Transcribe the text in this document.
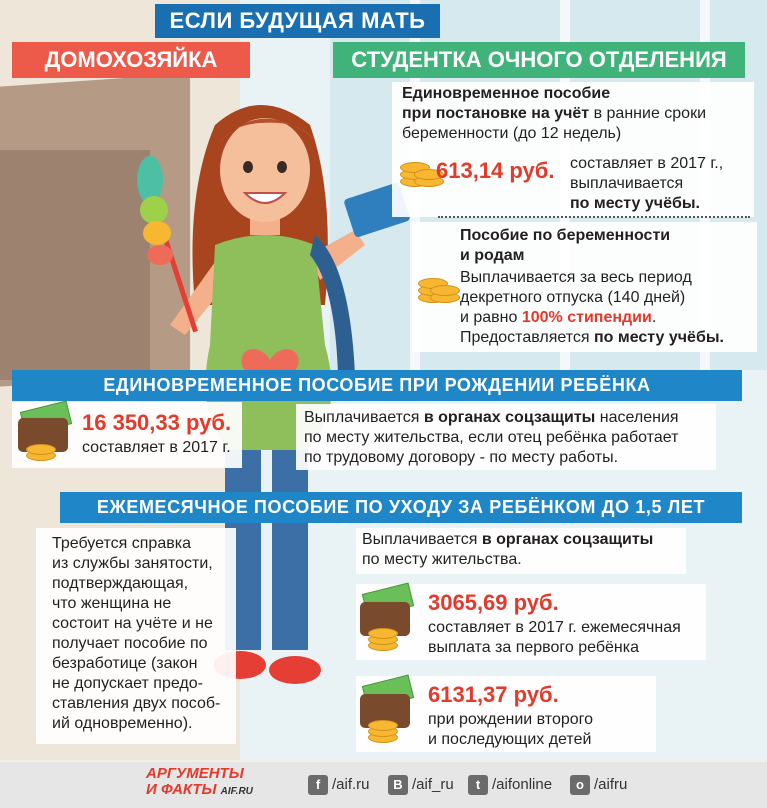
ЕСЛИ БУДУЩАЯ МАТЬ
ДОМОХОЗЯЙКА	СТУДЕНТКА ОЧНОГО ОТДЕЛЕНИЯ
Единовременное пособие
при постановке на учёт в ранние сроки
беременности (до 12 недель)
613,14 руб. составляет в 2017 г.,
выплачивается
по месту учёбы.
Пособие по беременности
и родам
Выплачивается за весь период
декретного отпуска (140 дней)
и равно 100% стипендии.
Предоставляется по месту учёбы.
ЕДИНОВРЕМЕННОЕ ПОСОБИЕ ПРИ РОЖДЕНИИ РЕБЁНКА
16 350,33 руб.
составляет в 2017 г.
Выплачивается в органах соцзащиты населения
по месту жительства, если отец ребёнка работает
по трудовому договору - по месту работы.
ЕЖЕМЕСЯЧНОЕ ПОСОБИЕ ПО УХОДУ ЗА РЕБЁНКОМ ДО 1,5 ЛЕТ
Требуется справка
из службы занятости,
подтверждающая,
что женщина не
состоит на учёте и не
получает пособие по
безработице (закон
не допускает предо-
ставления двух пособ-
ий одновременно).
Выплачивается в органах соцзащиты
по месту жительства.
3065,69 руб.
составляет в 2017 г. ежемесячная
выплата за первого ребёнка
6131,37 руб.
при рождении второго
и последующих детей
АРГУМЕНТЫ
И ФАКТЫ AIF.RU	f /aif.ru	В /aif_ru	t /aifonline	о /aifru
